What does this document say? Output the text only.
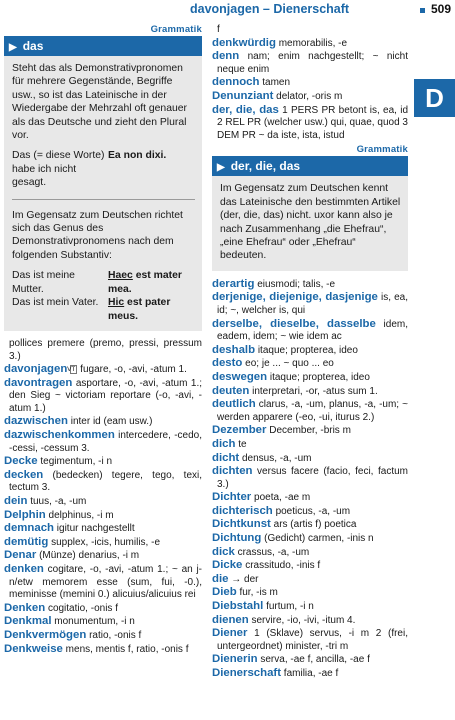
davonjagen – Dienerschaft	509
D
Grammatik
▶ das

Steht das als Demonstrativpronomen für mehrere Gegenstände, Begriffe usw., so ist das Lateinische in der Wiedergabe der Mehrzahl oft genauer als das Deutsche und zieht den Plural vor.

Das (= diese Worte) habe ich nicht gesagt.
Ea non dixi.

Im Gegensatz zum Deutschen richtet sich das Genus des Demonstrativpronomens nach dem folgenden Substantiv:

Das ist meine Mutter.
Haec est mater mea.
Das ist mein Vater. Hic est pater meus.
pollices premere (premo, pressi, pressum 3.)
davonjagen VT fugare, -o, -avi, -atum 1.
davontragen asportare, -o, -avi, -atum 1.; den Sieg ~ victoriam reportare (-o, -avi, -atum 1.)
dazwischen inter id (eam usw.)
dazwischenkommen intercedere, -cedo, -cessi, -cessum 3.
Decke tegimentum, -i n
decken (bedecken) tegere, tego, texi, tectum 3.
dein tuus, -a, -um
Delphin delphinus, -i m
demnach igitur nachgestellt
demütig supplex, -icis, humilis, -e
Denar (Münze) denarius, -i m
denken cogitare, -o, -avi, -atum 1.; ~ an j-n/etw memorem esse (sum, fui, -0.), meminisse (memini 0.) alicuius/alicuius rei
Denken cogitatio, -onis f
Denkmal monumentum, -i n
Denkvermögen ratio, -onis f
Denkweise mens, mentis f, ratio, -onis f
f
denkwürdig memorabilis, -e
denn nam; enim nachgestellt; ~ nicht neque enim
dennoch tamen
Denunziant delator, -oris m
der, die, das 1 PERS PR betont is, ea, id 2 REL PR (welcher usw.) qui, quae, quod 3 DEM PR ~ da iste, ista, istud
Grammatik
▶ der, die, das

Im Gegensatz zum Deutschen kennt das Lateinische den bestimmten Artikel (der, die, das) nicht. uxor kann also je nach Zusammenhang „die Ehefrau“, „eine Ehefrau“ oder „Ehefrau“ bedeuten.

derartig eiusmodi; talis, -e
derjenige, diejenige, dasjenige is, ea, id; ~, welcher is, qui
derselbe, dieselbe, dasselbe idem, eadem, idem; ~ wie idem ac
deshalb itaque; propterea, ideo
desto eo; je ... ~ quo ... eo
deswegen itaque; propterea, ideo
deuten interpretari, -or, -atus sum 1.
deutlich clarus, -a, -um, planus, -a, -um; ~ werden apparere (-eo, -ui, iturus 2.)
Dezember December, -bris m
dich te
dicht densus, -a, -um
dichten versus facere (facio, feci, factum 3.)
Dichter poeta, -ae m
dichterisch poeticus, -a, -um
Dichtkunst ars (artis f) poetica
Dichtung (Gedicht) carmen, -inis n
dick crassus, -a, -um
Dicke crassitudo, -inis f
die → der
Dieb fur, -is m
Diebstahl furtum, -i n
dienen servire, -io, -ivi, -itum 4.
Diener 1 (Sklave) servus, -i m 2 (frei, untergeordnet) minister, -tri m
Dienerin serva, -ae f, ancilla, -ae f
Dienerschaft familia, -ae f
